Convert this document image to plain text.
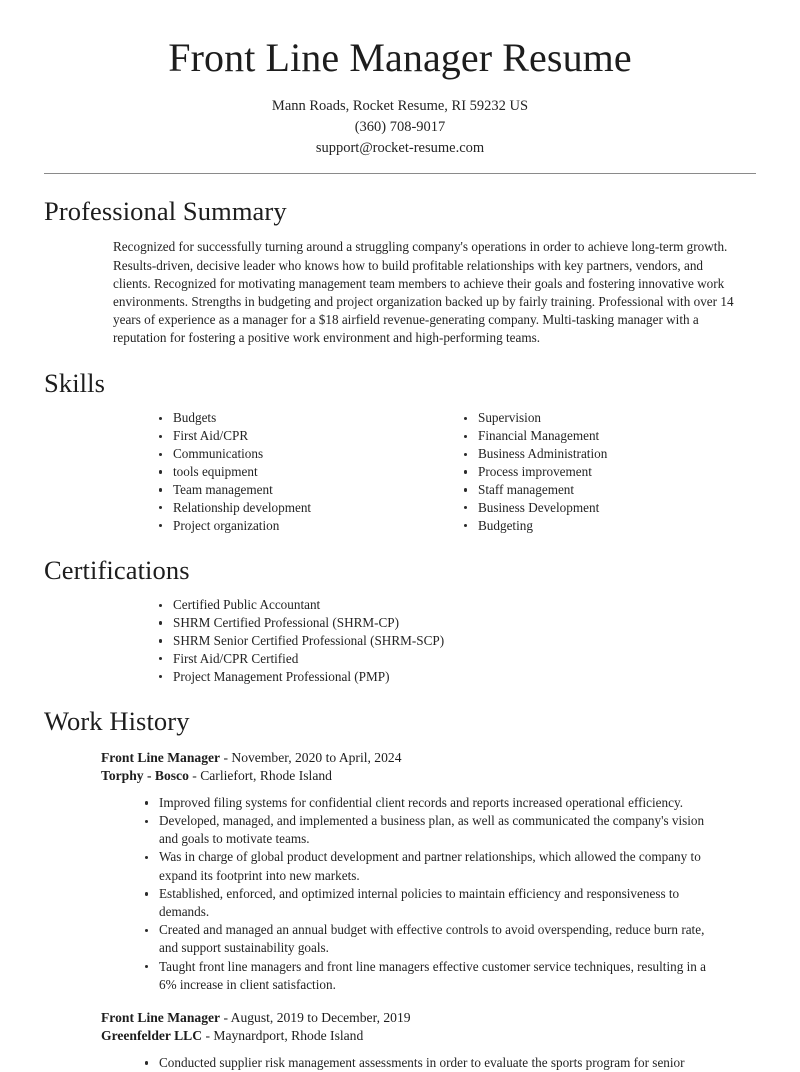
Front Line Manager Resume
Mann Roads, Rocket Resume, RI 59232 US
(360) 708-9017
support@rocket-resume.com
Professional Summary

Recognized for successfully turning around a struggling company's operations in order to achieve long-term growth. Results-driven, decisive leader who knows how to build profitable relationships with key partners, vendors, and clients. Recognized for motivating management team members to achieve their goals and fostering innovative work environments. Strengths in budgeting and project organization backed up by fairly training. Professional with over 14 years of experience as a manager for a $18 airfield revenue-generating company. Multi-tasking manager with a reputation for fostering a positive work environment and high-performing teams.

Skills
Budgets
First Aid/CPR
Communications
tools equipment
Team management
Relationship development
Project organization
Supervision
Financial Management
Business Administration
Process improvement
Staff management
Business Development
Budgeting
Certifications
Certified Public Accountant
SHRM Certified Professional (SHRM-CP)
SHRM Senior Certified Professional (SHRM-SCP)
First Aid/CPR Certified
Project Management Professional (PMP)
Work History
Front Line Manager - November, 2020 to April, 2024
Torphy - Bosco - Carliefort, Rhode Island
Improved filing systems for confidential client records and reports increased operational efficiency.
Developed, managed, and implemented a business plan, as well as communicated the company's vision and goals to motivate teams.
Was in charge of global product development and partner relationships, which allowed the company to expand its footprint into new markets.
Established, enforced, and optimized internal policies to maintain efficiency and responsiveness to demands.
Created and managed an annual budget with effective controls to avoid overspending, reduce burn rate, and support sustainability goals.
Taught front line managers and front line managers effective customer service techniques, resulting in a 6% increase in client satisfaction.
Front Line Manager - August, 2019 to December, 2019
Greenfelder LLC - Maynardport, Rhode Island
Conducted supplier risk management assessments in order to evaluate the sports program for senior
